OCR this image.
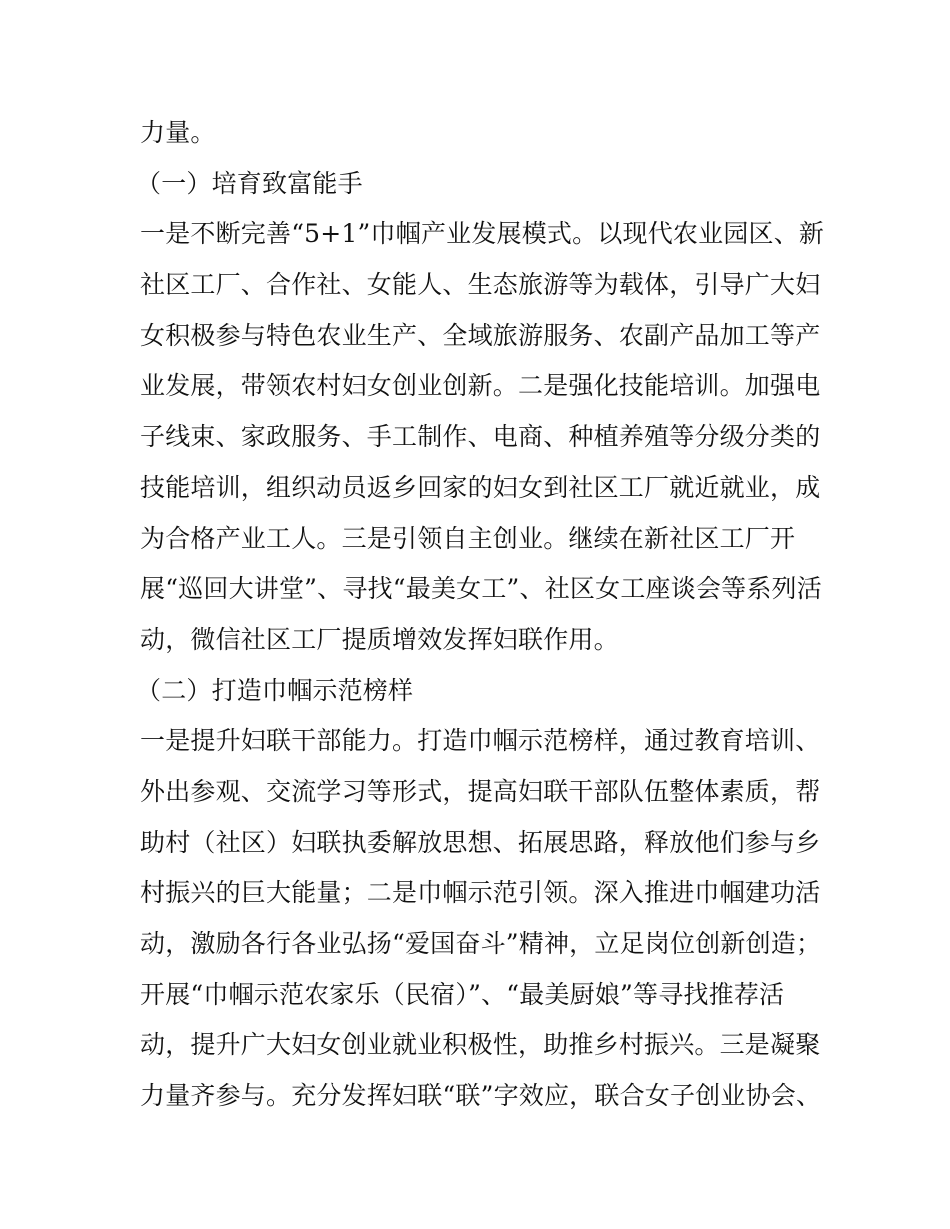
力量。
（一）培育致富能手
一是不断完善“5+1”巾帼产业发展模式。以现代农业园区、新
社区工厂、合作社、女能人、生态旅游等为载体，引导广大妇
女积极参与特色农业生产、全域旅游服务、农副产品加工等产
业发展，带领农村妇女创业创新。二是强化技能培训。加强电
子线束、家政服务、手工制作、电商、种植养殖等分级分类的
技能培训，组织动员返乡回家的妇女到社区工厂就近就业，成
为合格产业工人。三是引领自主创业。继续在新社区工厂开
展“巡回大讲堂”、寻找“最美女工”、社区女工座谈会等系列活
动，微信社区工厂提质增效发挥妇联作用。
（二）打造巾帼示范榜样
一是提升妇联干部能力。打造巾帼示范榜样，通过教育培训、
外出参观、交流学习等形式，提高妇联干部队伍整体素质，帮
助村（社区）妇联执委解放思想、拓展思路，释放他们参与乡
村振兴的巨大能量；二是巾帼示范引领。深入推进巾帼建功活
动，激励各行各业弘扬“爱国奋斗”精神，立足岗位创新创造；
开展“巾帼示范农家乐（民宿）”、“最美厨娘”等寻找推荐活
动，提升广大妇女创业就业积极性，助推乡村振兴。三是凝聚
力量齐参与。充分发挥妇联“联”字效应，联合女子创业协会、
